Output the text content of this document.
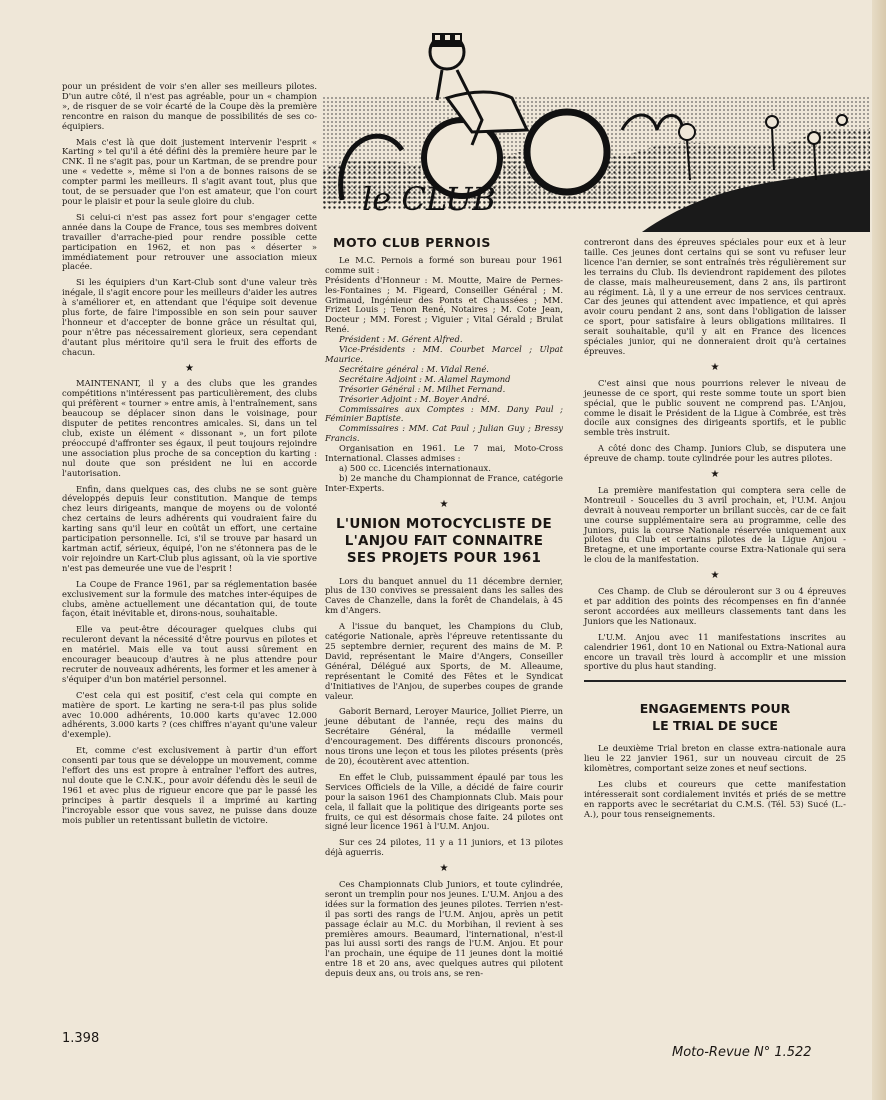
le CLUB

pour un président de voir s'en aller ses meilleurs pilotes. D'un autre côté, il n'est pas agréable, pour un « champion », de risquer de se voir écarté de la Coupe dès la première rencontre en raison du manque de possibilités de ses co-équipiers.

Mais c'est là que doit justement intervenir l'esprit « Karting » tel qu'il a été défini dès la première heure par le CNK. Il ne s'agit pas, pour un Kartman, de se prendre pour une « vedette », même si l'on a de bonnes raisons de se compter parmi les meilleurs. Il s'agit avant tout, plus que tout, de se persuader que l'on est amateur, que l'on court pour le plaisir et pour la seule gloire du club.

Si celui-ci n'est pas assez fort pour s'engager cette année dans la Coupe de France, tous ses membres doivent travailler d'arrache-pied pour rendre possible cette participation en 1962, et non pas « déserter » immédiatement pour retrouver une association mieux placée.

Si les équipiers d'un Kart-Club sont d'une valeur très inégale, il s'agit encore pour les meilleurs d'aider les autres à s'améliorer et, en attendant que l'équipe soit devenue plus forte, de faire l'impossible en son sein pour sauver l'honneur et d'accepter de bonne grâce un résultat qui, pour n'être pas nécessairement glorieux, sera cependant d'autant plus méritoire qu'il sera le fruit des efforts de chacun.

★

MAINTENANT, il y a des clubs que les grandes compétitions n'intéressent pas particulièrement, des clubs qui préfèrent « tourner » entre amis, à l'entraînement, sans beaucoup se déplacer sinon dans le voisinage, pour disputer de petites rencontres amicales. Si, dans un tel club, existe un élément « dissonant », un fort pilote préoccupé d'affronter ses égaux, il peut toujours rejoindre une association plus proche de sa conception du karting : nul doute que son président ne lui en accorde l'autorisation.

Enfin, dans quelques cas, des clubs ne se sont guère développés depuis leur constitution. Manque de temps chez leurs dirigeants, manque de moyens ou de volonté chez certains de leurs adhérents qui voudraient faire du karting sans qu'il leur en coûtât un effort, une certaine participation personnelle. Ici, s'il se trouve par hasard un kartman actif, sérieux, équipé, l'on ne s'étonnera pas de le voir rejoindre un Kart-Club plus agissant, où la vie sportive n'est pas demeurée une vue de l'esprit !

La Coupe de France 1961, par sa réglementation basée exclusivement sur la formule des matches inter-équipes de clubs, amène actuellement une décantation qui, de toute façon, était inévitable et, dirons-nous, souhaitable.

Elle va peut-être décourager quelques clubs qui reculeront devant la nécessité d'être pourvus en pilotes et en matériel. Mais elle va tout aussi sûrement en encourager beaucoup d'autres à ne plus attendre pour recruter de nouveaux adhérents, les former et les amener à s'équiper d'un bon matériel personnel.

C'est cela qui est positif, c'est cela qui compte en matière de sport. Le karting ne sera-t-il pas plus solide avec 10.000 adhérents, 10.000 karts qu'avec 12.000 adhérents, 3.000 karts ? (ces chiffres n'ayant qu'une valeur d'exemple).

Et, comme c'est exclusivement à partir d'un effort consenti par tous que se développe un mouvement, comme l'effort des uns est propre à entraîner l'effort des autres, nul doute que le C.N.K., pour avoir défendu dès le seuil de 1961 et avec plus de rigueur encore que par le passé les principes à partir desquels il a imprimé au karting l'incroyable essor que vous savez, ne puisse dans douze mois publier un retentissant bulletin de victoire.

MOTO CLUB PERNOIS

Le M.C. Pernois a formé son bureau pour 1961 comme suit :

Présidents d'Honneur : M. Moutte, Maire de Pernes-les-Fontaines ; M. Figeard, Conseiller Général ; M. Grimaud, Ingénieur des Ponts et Chaussées ; MM. Frizet Louis ; Tenon René, Notaires ; M. Cote Jean, Docteur ; MM. Forest ; Viguier ; Vital Gérald ; Brulat René.

Président : M. Gérent Alfred.

Vice-Présidents : MM. Courbet Marcel ; Ulpat Maurice.

Secrétaire général : M. Vidal René.

Secrétaire Adjoint : M. Alamel Raymond

Trésorier Général : M. Milhet Fernand.

Trésorier Adjoint : M. Boyer André.

Commissaires aux Comptes : MM. Dany Paul ; Féminier Baptiste.

Commissaires : MM. Cat Paul ; Julian Guy ; Bressy Francis.

Organisation en 1961. Le 7 mai, Moto-Cross International. Classes admises :

a) 500 cc. Licenciés internationaux.

b) 2e manche du Championnat de France, catégorie Inter-Experts.

★
L'UNION MOTOCYCLISTE DE
L'ANJOU FAIT CONNAITRE
SES PROJETS POUR 1961

Lors du banquet annuel du 11 décembre dernier, plus de 130 convives se pressaient dans les salles des Caves de Chanzelle, dans la forêt de Chandelais, à 45 km d'Angers.

A l'issue du banquet, les Champions du Club, catégorie Nationale, après l'épreuve retentissante du 25 septembre dernier, reçurent des mains de M. P. David, représentant le Maire d'Angers, Conseiller Général, Délégué aux Sports, de M. Alleaume, représentant le Comité des Fêtes et le Syndicat d'Initiatives de l'Anjou, de superbes coupes de grande valeur.

Gaborit Bernard, Leroyer Maurice, Jolliet Pierre, un jeune débutant de l'année, reçu des mains du Secrétaire Général, la médaille vermeil d'encouragement. Des différents discours prononcés, nous tirons une leçon et tous les pilotes présents (près de 20), écoutèrent avec attention.

En effet le Club, puissamment épaulé par tous les Services Officiels de la Ville, a décidé de faire courir pour la saison 1961 des Championnats Club. Mais pour cela, il fallait que la politique des dirigeants porte ses fruits, ce qui est désormais chose faite. 24 pilotes ont signé leur licence 1961 à l'U.M. Anjou.

Sur ces 24 pilotes, 11 y a 11 juniors, et 13 pilotes déjà aguerris.

★

Ces Championnats Club Juniors, et toute cylindrée, seront un tremplin pour nos jeunes. L'U.M. Anjou a des idées sur la formation des jeunes pilotes. Terrien n'est-il pas sorti des rangs de l'U.M. Anjou, après un petit passage éclair au M.C. du Morbihan, il revient à ses premières amours. Beaumard, l'international, n'est-il pas lui aussi sorti des rangs de l'U.M. Anjou. Et pour l'an prochain, une équipe de 11 jeunes dont la moitié entre 18 et 20 ans, avec quelques autres qui pilotent depuis deux ans, ou trois ans, se ren-

contreront dans des épreuves spéciales pour eux et à leur taille. Ces jeunes dont certains qui se sont vu refuser leur licence l'an dernier, se sont entraînés très régulièrement sur les terrains du Club. Ils deviendront rapidement des pilotes de classe, mais malheureusement, dans 2 ans, ils partiront au régiment. Là, il y a une erreur de nos services centraux. Car des jeunes qui attendent avec impatience, et qui après avoir couru pendant 2 ans, sont dans l'obligation de laisser ce sport, pour satisfaire à leurs obligations militaires. Il serait souhaitable, qu'il y ait en France des licences spéciales junior, qui ne donneraient droit qu'à certaines épreuves.

★

C'est ainsi que nous pourrions relever le niveau de jeunesse de ce sport, qui reste somme toute un sport bien spécial, que le public souvent ne comprend pas. L'Anjou, comme le disait le Président de la Ligue à Combrée, est très docile aux consignes des dirigeants sportifs, et le public semble très instruit.

A côté donc des Champ. Juniors Club, se disputera une épreuve de champ. toute cylindrée pour les autres pilotes.

★

La première manifestation qui comptera sera celle de Montreuil - Soucelles du 3 avril prochain, et, l'U.M. Anjou devrait à nouveau remporter un brillant succès, car de ce fait une course supplémentaire sera au programme, celle des Juniors, puis la course Nationale réservée uniquement aux pilotes du Club et certains pilotes de la Ligue Anjou - Bretagne, et une importante course Extra-Nationale qui sera le clou de la manifestation.

★

Ces Champ. de Club se dérouleront sur 3 ou 4 épreuves et par addition des points des récompenses en fin d'année seront accordées aux meilleurs classements tant dans les Juniors que les Nationaux.

L'U.M. Anjou avec 11 manifestations inscrites au calendrier 1961, dont 10 en National ou Extra-National aura encore un travail très lourd à accomplir et une mission sportive du plus haut standing.

ENGAGEMENTS POUR
LE TRIAL DE SUCE

Le deuxième Trial breton en classe extra-nationale aura lieu le 22 janvier 1961, sur un nouveau circuit de 25 kilomètres, comportant seize zones et neuf sections.

Les clubs et coureurs que cette manifestation intéresserait sont cordialement invités et priés de se mettre en rapports avec le secrétariat du C.M.S. (Tél. 53) Sucé (L.-A.), pour tous renseignements.

1.398
Moto-Revue N° 1.522
